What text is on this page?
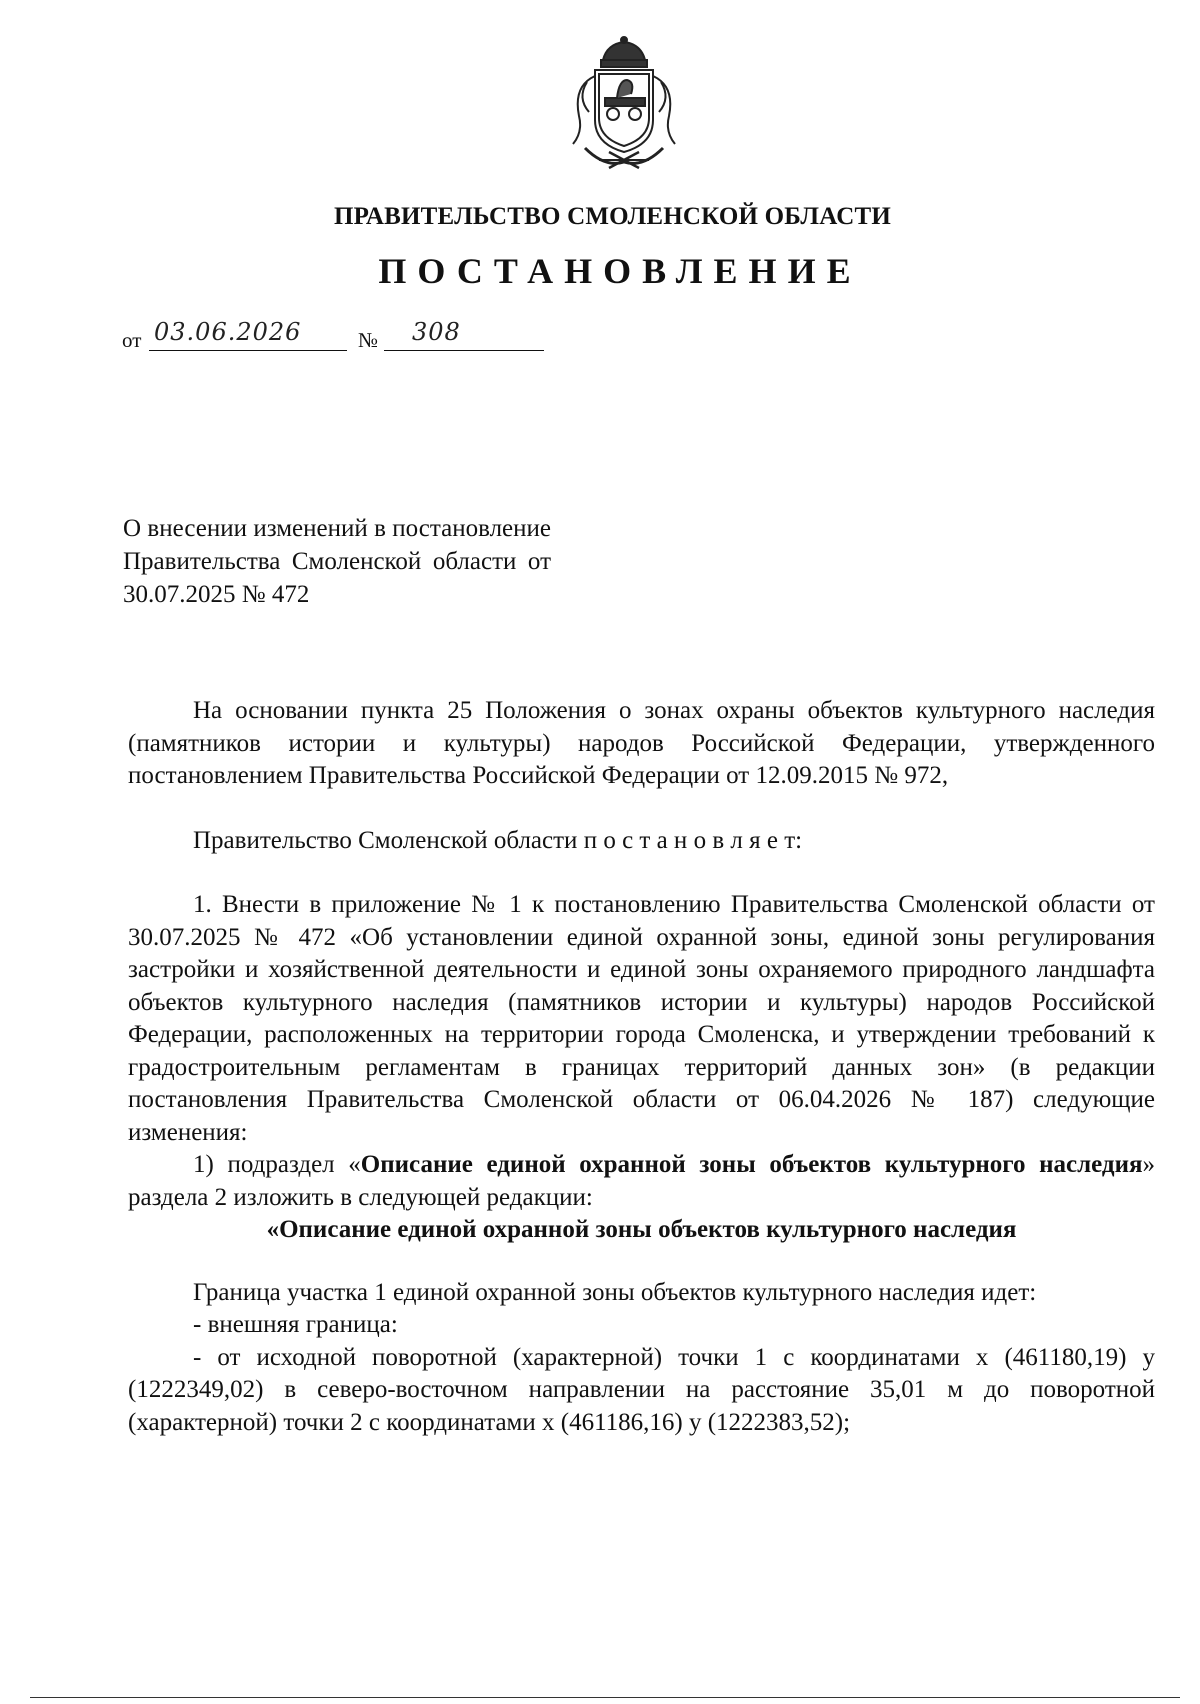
ПРАВИТЕЛЬСТВО СМОЛЕНСКОЙ ОБЛАСТИ
ПОСТАНОВЛЕНИЕ
от 03.06.2026	№ 308
О внесении изменений в постановление Правительства Смоленской области от 30.07.2025 № 472

На основании пункта 25 Положения о зонах охраны объектов культурного наследия (памятников истории и культуры) народов Российской Федерации, утвержденного постановлением Правительства Российской Федерации от 12.09.2015 № 972,

Правительство Смоленской области п о с т а н о в л я е т:

1. Внести в приложение № 1 к постановлению Правительства Смоленской области от 30.07.2025 № 472 «Об установлении единой охранной зоны, единой зоны регулирования застройки и хозяйственной деятельности и единой зоны охраняемого природного ландшафта объектов культурного наследия (памятников истории и культуры) народов Российской Федерации, расположенных на территории города Смоленска, и утверждении требований к градостроительным регламентам в границах территорий данных зон» (в редакции постановления Правительства Смоленской области от 06.04.2026 № 187) следующие изменения:

1) подраздел «Описание единой охранной зоны объектов культурного наследия» раздела 2 изложить в следующей редакции:

«Описание единой охранной зоны объектов культурного наследия

Граница участка 1 единой охранной зоны объектов культурного наследия идет:

- внешняя граница:

- от исходной поворотной (характерной) точки 1 с координатами x (461180,19) y (1222349,02) в северо-восточном направлении на расстояние 35,01 м до поворотной (характерной) точки 2 с координатами x (461186,16) y (1222383,52);
